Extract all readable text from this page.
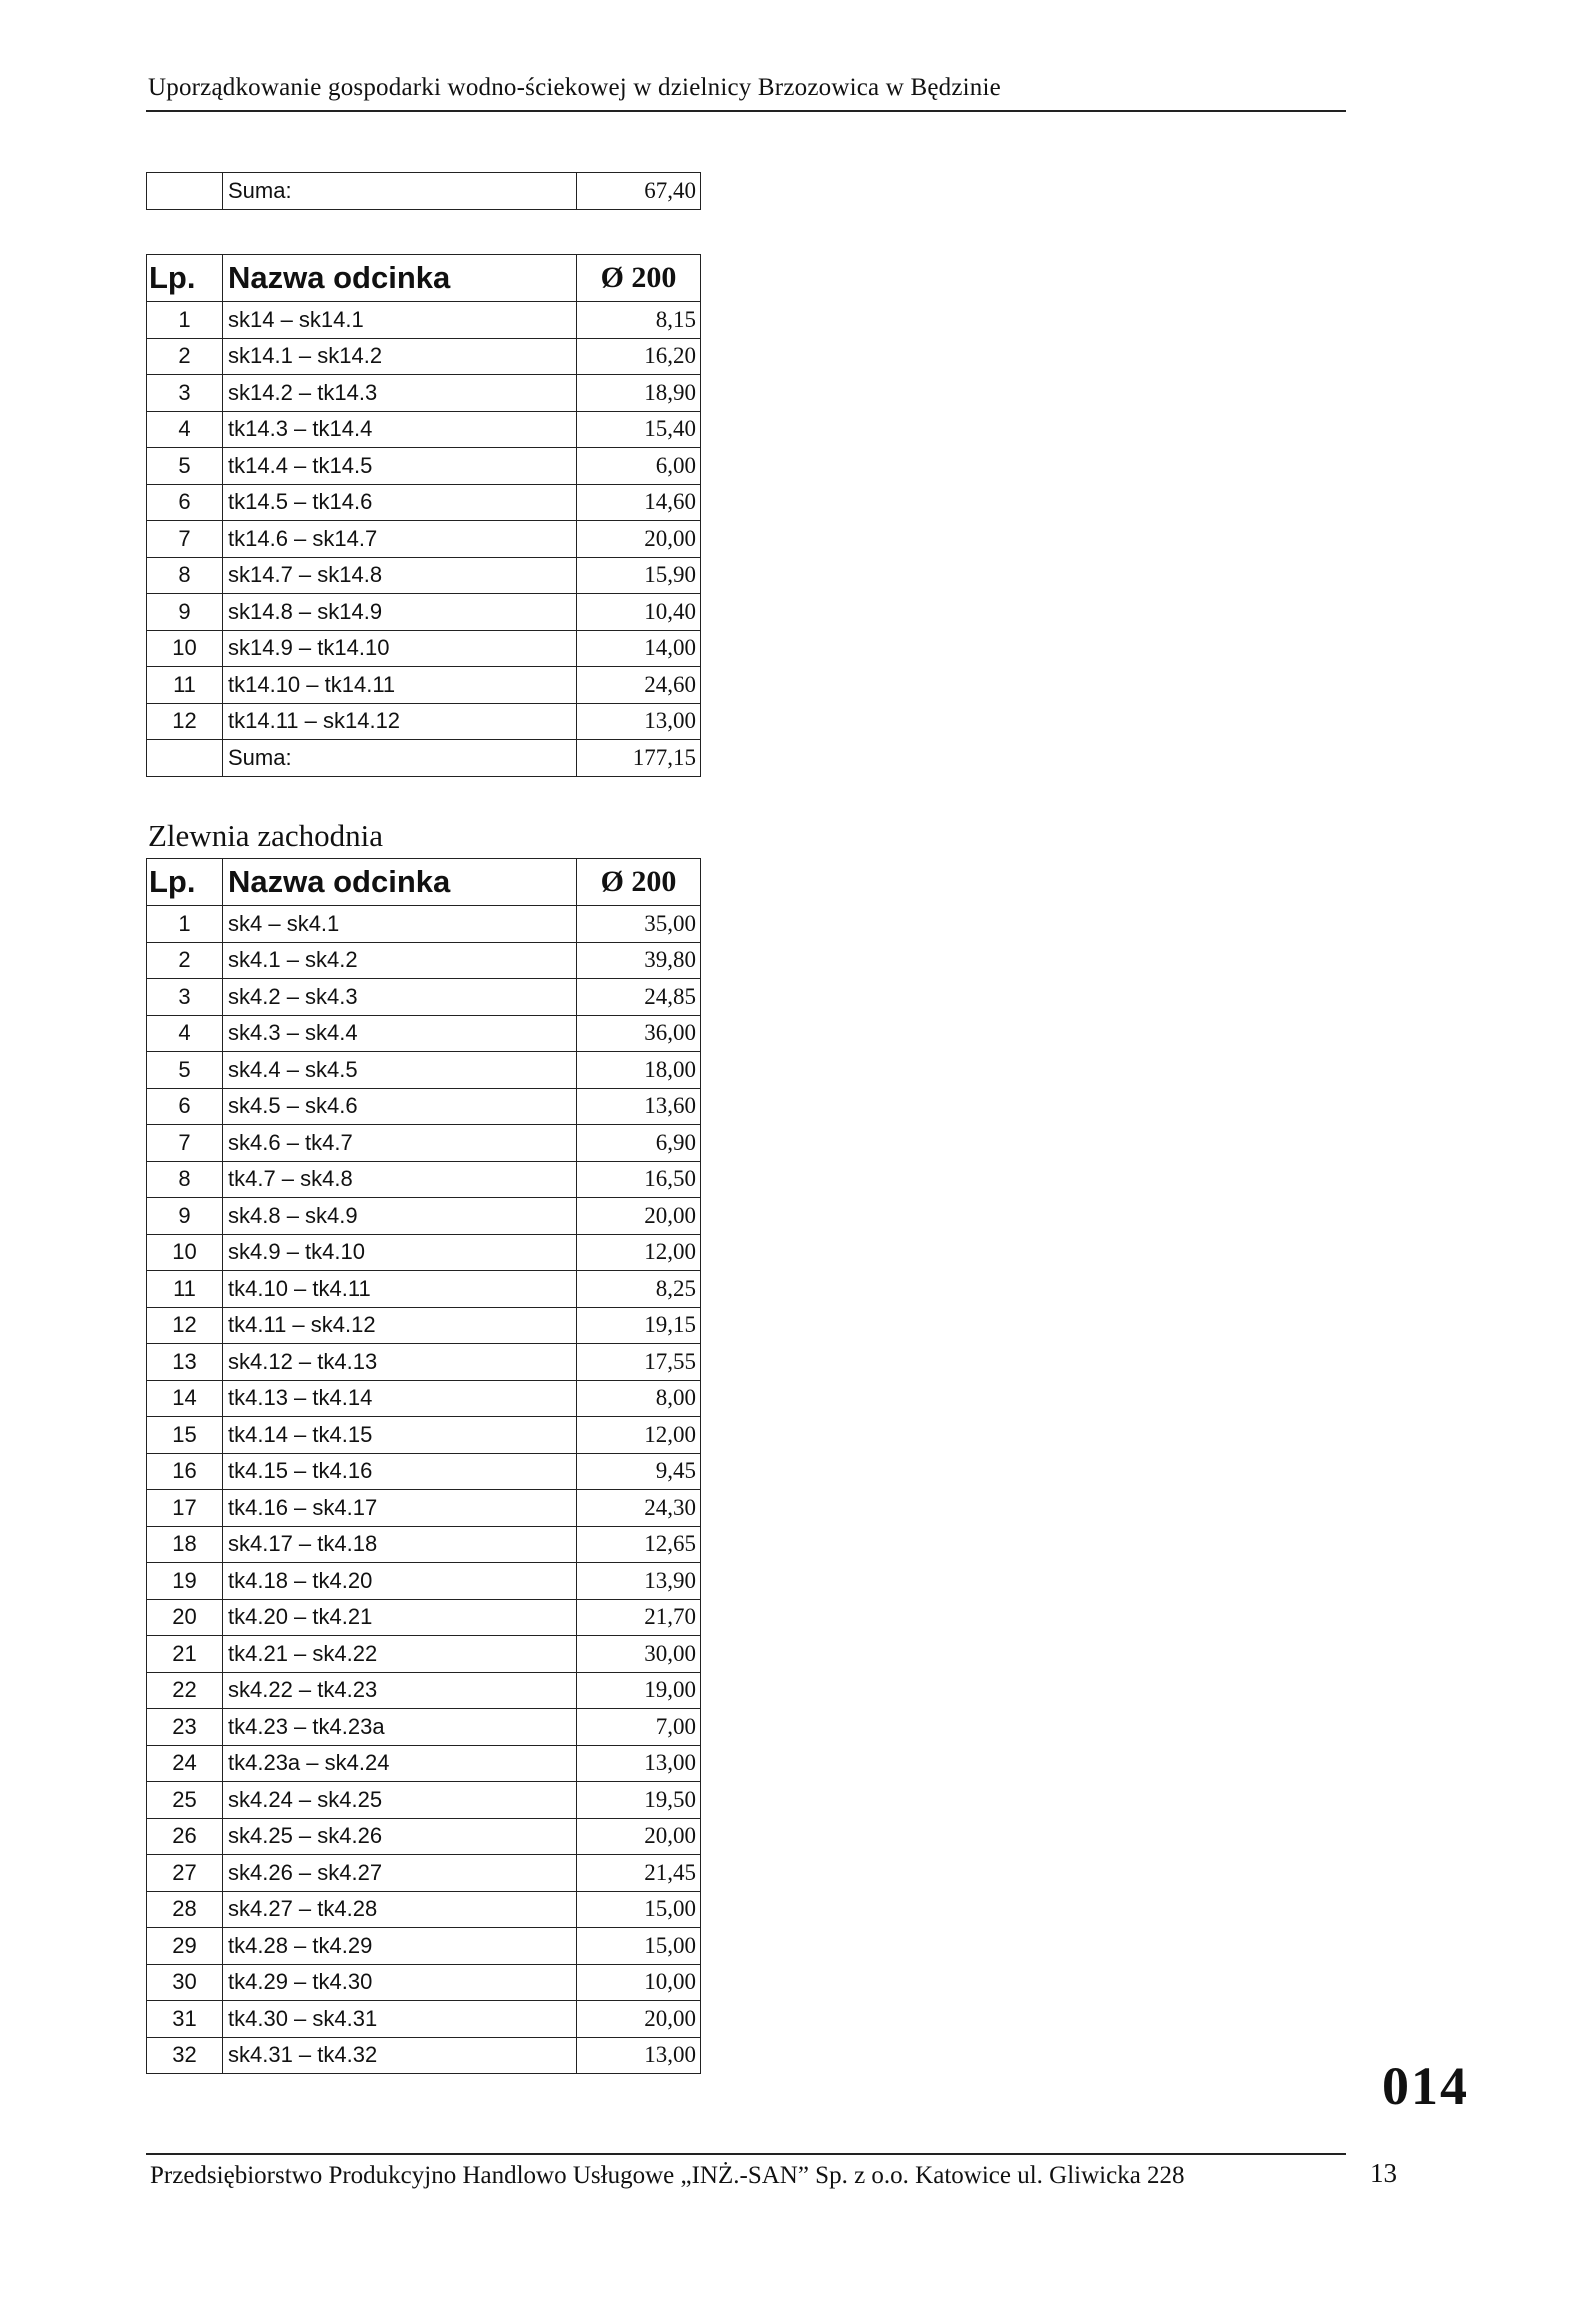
Uporządkowanie gospodarki wodno-ściekowej w dzielnicy Brzozowica w Będzinie
	Suma:	67,40
Lp.	Nazwa odcinka	Ø 200
1	sk14 – sk14.1	8,15
2	sk14.1 – sk14.2	16,20
3	sk14.2 – tk14.3	18,90
4	tk14.3 – tk14.4	15,40
5	tk14.4 – tk14.5	6,00
6	tk14.5 – tk14.6	14,60
7	tk14.6 – sk14.7	20,00
8	sk14.7 – sk14.8	15,90
9	sk14.8 – sk14.9	10,40
10	sk14.9 – tk14.10	14,00
11	tk14.10 – tk14.11	24,60
12	tk14.11 – sk14.12	13,00
	Suma:	177,15
Zlewnia zachodnia
Lp.	Nazwa odcinka	Ø 200
1	sk4 – sk4.1	35,00
2	sk4.1 – sk4.2	39,80
3	sk4.2 – sk4.3	24,85
4	sk4.3 – sk4.4	36,00
5	sk4.4 – sk4.5	18,00
6	sk4.5 – sk4.6	13,60
7	sk4.6 – tk4.7	6,90
8	tk4.7 – sk4.8	16,50
9	sk4.8 – sk4.9	20,00
10	sk4.9 – tk4.10	12,00
11	tk4.10 – tk4.11	8,25
12	tk4.11 – sk4.12	19,15
13	sk4.12 – tk4.13	17,55
14	tk4.13 – tk4.14	8,00
15	tk4.14 – tk4.15	12,00
16	tk4.15 – tk4.16	9,45
17	tk4.16 – sk4.17	24,30
18	sk4.17 – tk4.18	12,65
19	tk4.18 – tk4.20	13,90
20	tk4.20 – tk4.21	21,70
21	tk4.21 – sk4.22	30,00
22	sk4.22 – tk4.23	19,00
23	tk4.23 – tk4.23a	7,00
24	tk4.23a – sk4.24	13,00
25	sk4.24 – sk4.25	19,50
26	sk4.25 – sk4.26	20,00
27	sk4.26 – sk4.27	21,45
28	sk4.27 – tk4.28	15,00
29	tk4.28 – tk4.29	15,00
30	tk4.29 – tk4.30	10,00
31	tk4.30 – sk4.31	20,00
32	sk4.31 – tk4.32	13,00
014
Przedsiębiorstwo Produkcyjno Handlowo Usługowe „INŻ.-SAN” Sp. z o.o. Katowice ul. Gliwicka 228	13
